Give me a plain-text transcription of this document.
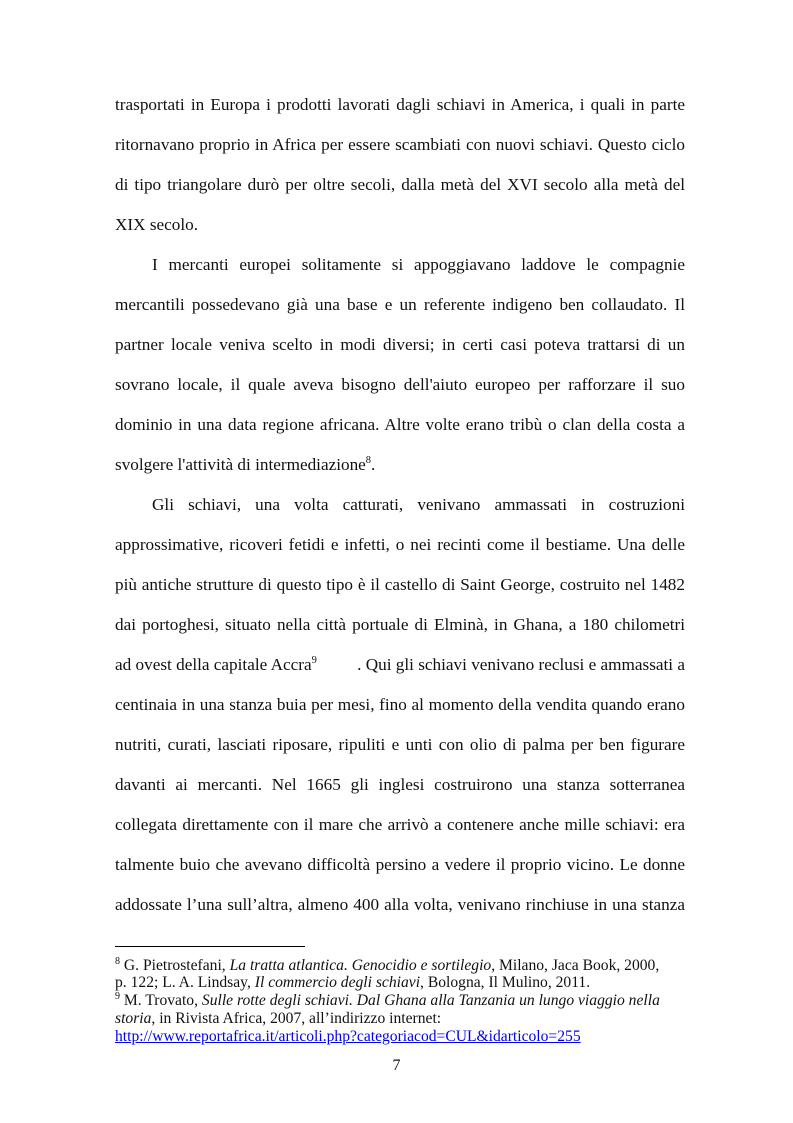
trasportati in Europa i prodotti lavorati dagli schiavi in America, i quali in parte
ritornavano proprio in Africa per essere scambiati con nuovi schiavi. Questo ciclo
di tipo triangolare durò per oltre secoli, dalla metà del XVI secolo alla metà del
XIX secolo.
I mercanti europei solitamente si appoggiavano laddove le compagnie
mercantili possedevano già una base e un referente indigeno ben collaudato. Il
partner locale veniva scelto in modi diversi; in certi casi poteva trattarsi di un
sovrano locale, il quale aveva bisogno dell'aiuto europeo per rafforzare il suo
dominio in una data regione africana. Altre volte erano tribù o clan della costa a
svolgere l'attività di intermediazione$^8$.
Gli schiavi, una volta catturati, venivano ammassati in costruzioni
approssimative, ricoveri fetidi e infetti, o nei recinti come il bestiame. Una delle
più antiche strutture di questo tipo è il castello di Saint George, costruito nel 1482
dai portoghesi, situato nella città portuale di Elminà, in Ghana, a 180 chilometri
ad ovest della capitale Accra$^9$ . Qui gli schiavi venivano reclusi e ammassati a
centinaia in una stanza buia per mesi, fino al momento della vendita quando erano
nutriti, curati, lasciati riposare, ripuliti e unti con olio di palma per ben figurare
davanti ai mercanti. Nel 1665 gli inglesi costruirono una stanza sotterranea
collegata direttamente con il mare che arrivò a contenere anche mille schiavi: era
talmente buio che avevano difficoltà persino a vedere il proprio vicino. Le donne
addossate l’una sull’altra, almeno 400 alla volta, venivano rinchiuse in una stanza
$^8$ G. Pietrostefani, La tratta atlantica. Genocidio e sortilegio, Milano, Jaca Book, 2000,
p. 122; L. A. Lindsay, Il commercio degli schiavi, Bologna, Il Mulino, 2011.
$^9$ M. Trovato, Sulle rotte degli schiavi. Dal Ghana alla Tanzania un lungo viaggio nella
storia, in Rivista Africa, 2007, all’indirizzo internet:
http://www.reportafrica.it/articoli.php?categoriacod=CUL&idarticolo=255
7
